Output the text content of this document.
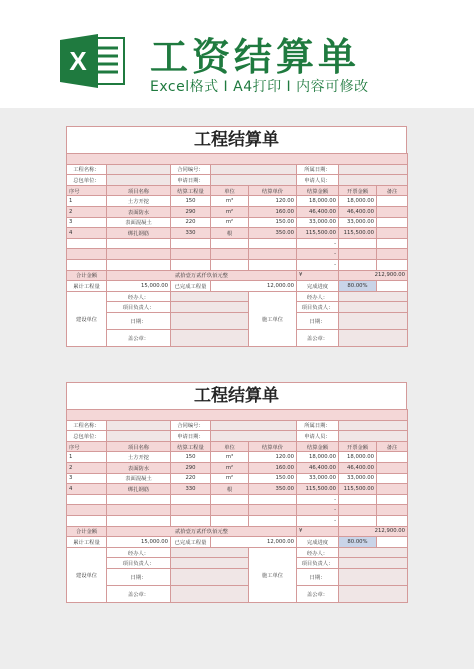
X 工资结算单
Excel格式 I A4打印 I 内容可修改
工程结算单

工程名称：		合同编号：			所属日期：		
总包单位：		申请日期：			申请人员：		
序号	项目名称	结算工程量	单位	结算单价	结算金额	开票金额	备注
1	土方开挖	150	m³	120.00	18,000.00	18,000.00	
2	表面防水	290	m²	160.00	46,400.00	46,400.00	
3	表面混凝土	220	m²	150.00	33,000.00	33,000.00	
4	绑扎钢筋	330	根	350.00	115,500.00	115,500.00	
					-		
					-		
					-		
合计金额	贰拾壹万贰仟玖佰元整				¥	212,900.00	
累计工程量	15,000.00	已完成工程量	12,000.00		完成进度	80.00%	
建设单位	经办人：			施工单位	经办人：		
	项目负责人：				项目负责人：		
	日期：				日期：		
	盖公章：				盖公章：		
工程结算单

工程名称：		合同编号：			所属日期：		
总包单位：		申请日期：			申请人员：		
序号	项目名称	结算工程量	单位	结算单价	结算金额	开票金额	备注
1	土方开挖	150	m³	120.00	18,000.00	18,000.00	
2	表面防水	290	m²	160.00	46,400.00	46,400.00	
3	表面混凝土	220	m²	150.00	33,000.00	33,000.00	
4	绑扎钢筋	330	根	350.00	115,500.00	115,500.00	
					-		
					-		
					-		
合计金额	贰拾壹万贰仟玖佰元整				¥	212,900.00	
累计工程量	15,000.00	已完成工程量	12,000.00		完成进度	80.00%	
建设单位	经办人：			施工单位	经办人：		
	项目负责人：				项目负责人：		
	日期：				日期：		
	盖公章：				盖公章：		
